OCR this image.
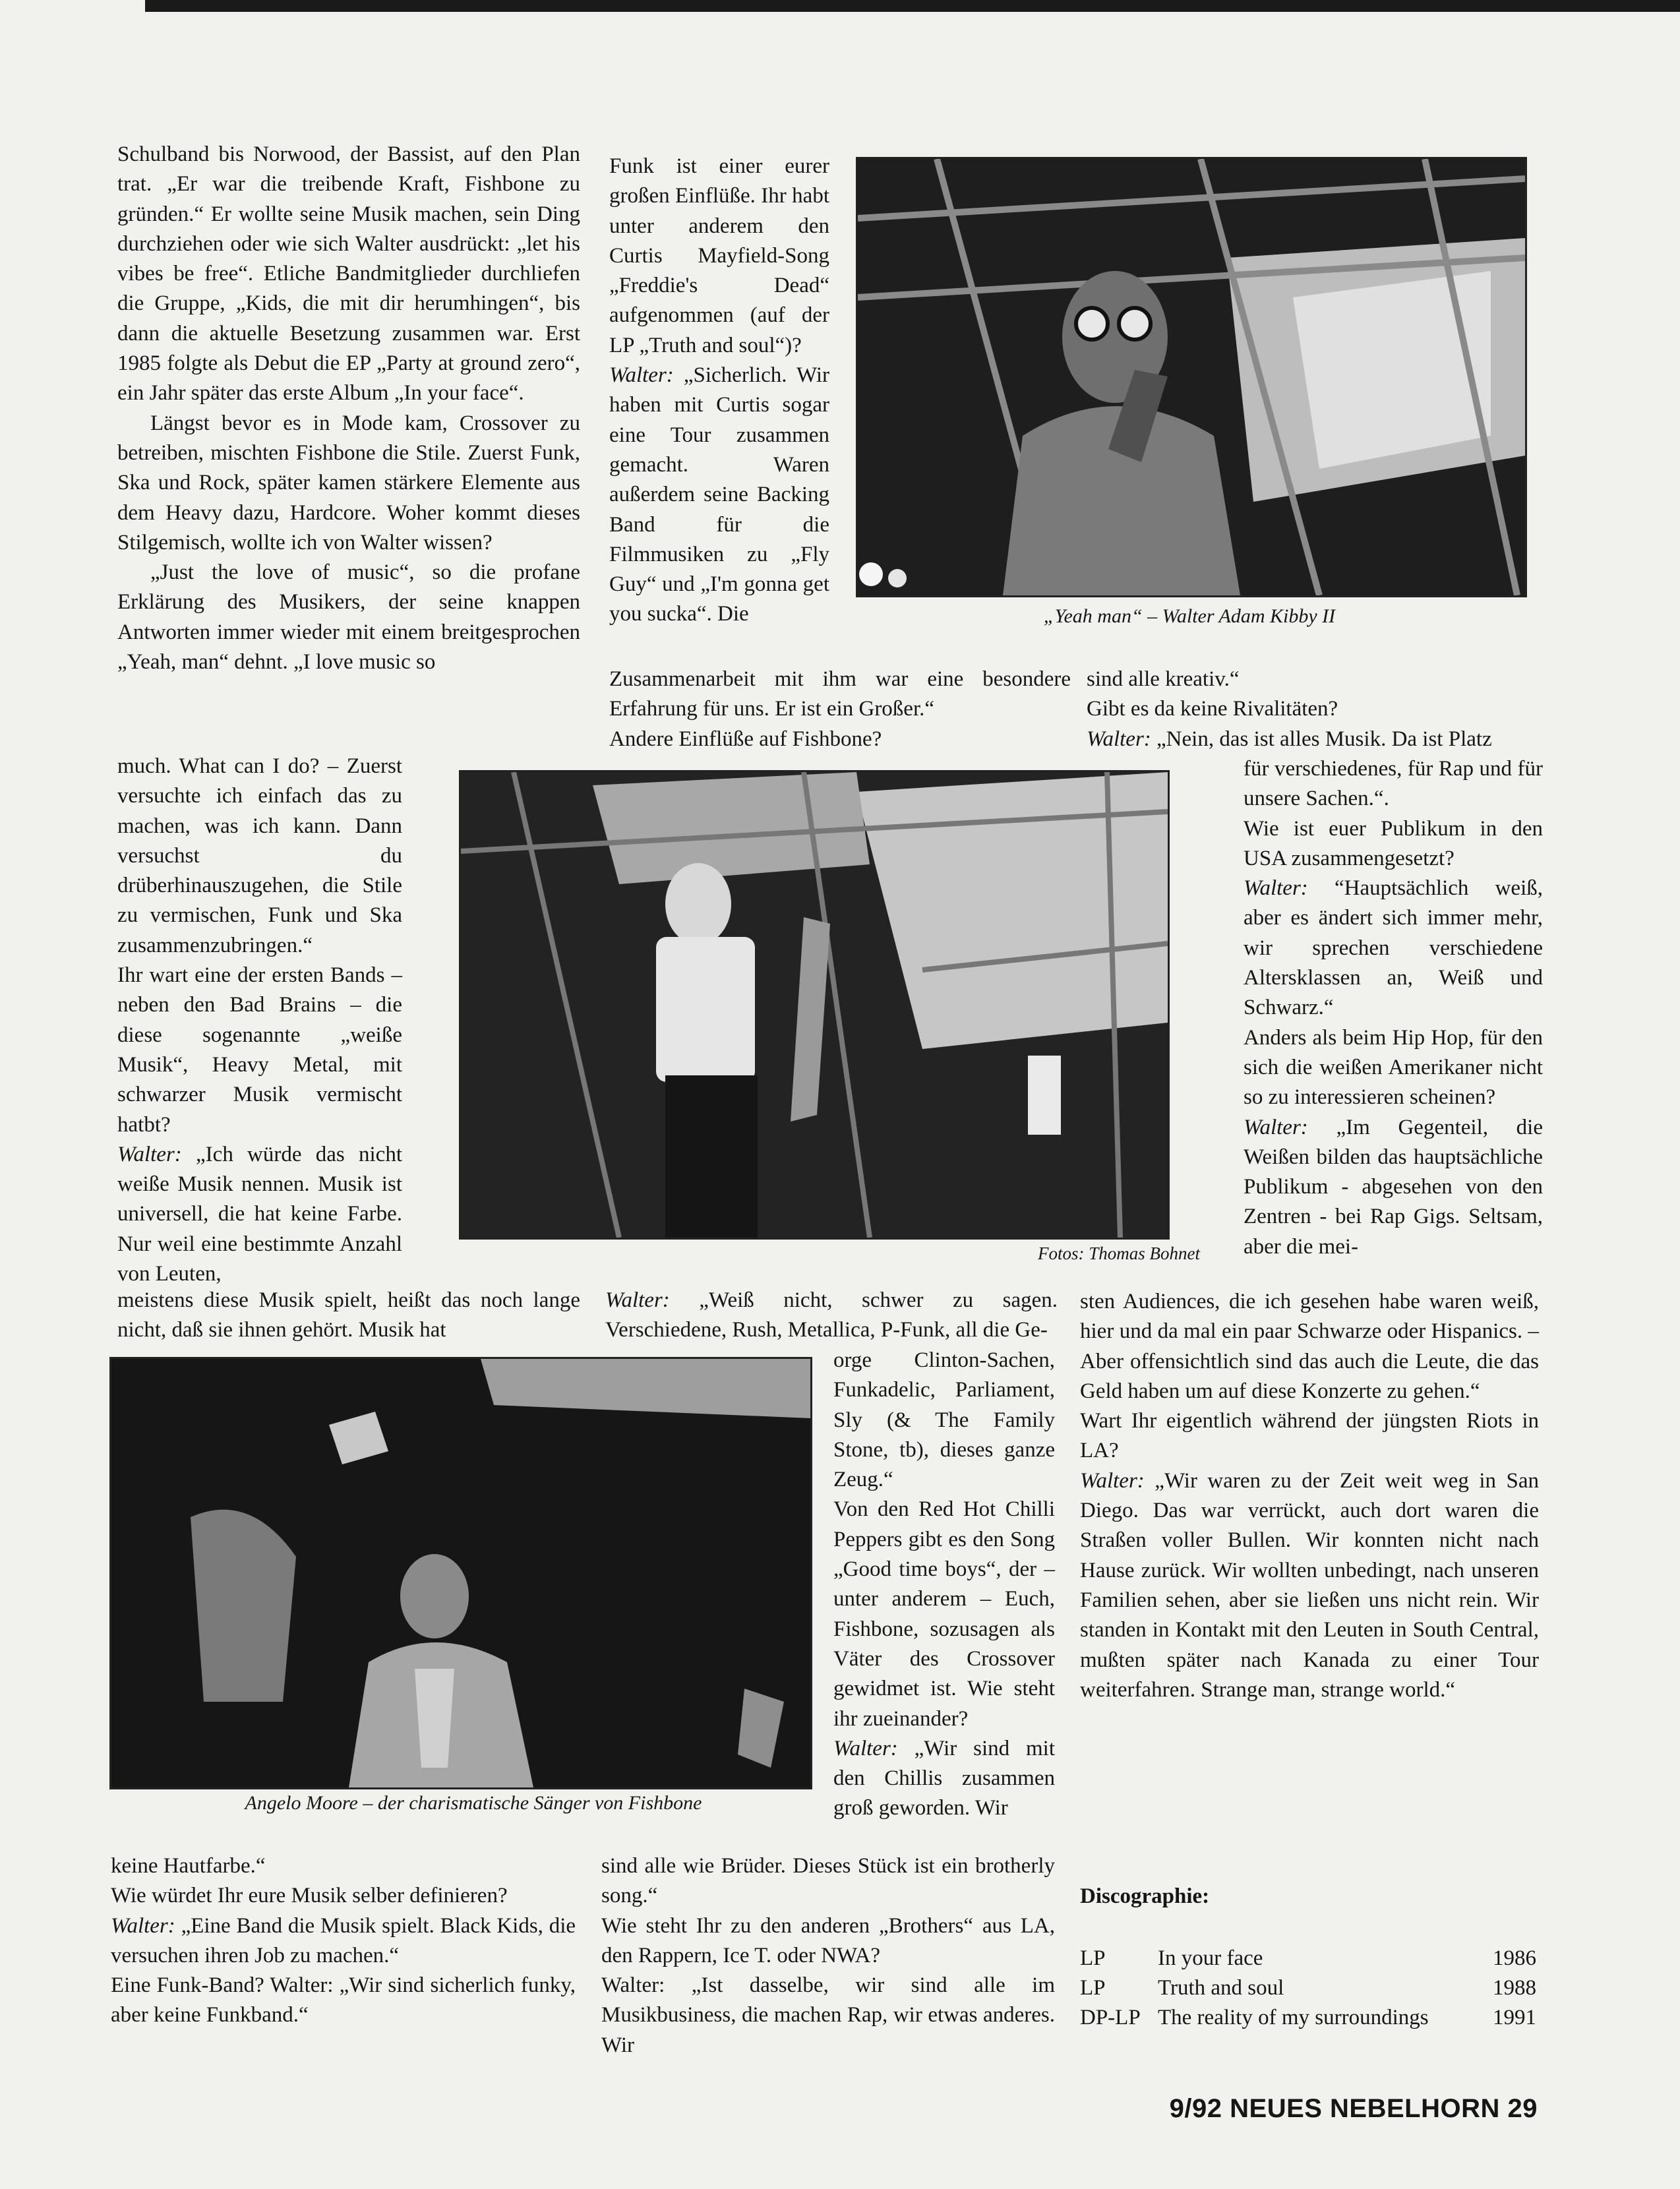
Schulband bis Norwood, der Bassist, auf den Plan trat. „Er war die treibende Kraft, Fishbone zu gründen.“ Er wollte seine Musik machen, sein Ding durchziehen oder wie sich Walter ausdrückt: „let his vibes be free“. Etliche Bandmitglieder durchliefen die Gruppe, „Kids, die mit dir herumhingen“, bis dann die aktuelle Besetzung zusammen war. Erst 1985 folgte als Debut die EP „Party at ground zero“, ein Jahr später das erste Album „In your face“.

Längst bevor es in Mode kam, Crossover zu betreiben, mischten Fishbone die Stile. Zuerst Funk, Ska und Rock, später kamen stärkere Elemente aus dem Heavy dazu, Hardcore. Woher kommt dieses Stilgemisch, wollte ich von Walter wissen?

„Just the love of music“, so die profane Erklärung des Musikers, der seine knappen Antworten immer wieder mit einem breitgesprochen „Yeah, man“ dehnt. „I love music so

much. What can I do? – Zuerst versuchte ich einfach das zu machen, was ich kann. Dann versuchst du drüberhinauszugehen, die Stile zu vermischen, Funk und Ska zusammenzubringen.“

Ihr wart eine der ersten Bands – neben den Bad Brains – die diese sogenannte „weiße Musik“, Heavy Metal, mit schwarzer Musik vermischt hatbt?

Walter: „Ich würde das nicht weiße Musik nennen. Musik ist universell, die hat keine Farbe. Nur weil eine bestimmte Anzahl von Leuten,

meistens diese Musik spielt, heißt das noch lange nicht, daß sie ihnen gehört. Musik hat

keine Hautfarbe.“

Wie würdet Ihr eure Musik selber definieren?

Walter: „Eine Band die Musik spielt. Black Kids, die versuchen ihren Job zu machen.“

Eine Funk-Band? Walter: „Wir sind sicherlich funky, aber keine Funkband.“

Funk ist einer eurer großen Einflüße. Ihr habt unter anderem den Curtis Mayfield-Song „Freddie's Dead“ aufgenommen (auf der LP „Truth and soul“)?

Walter: „Sicherlich. Wir haben mit Curtis sogar eine Tour zusammen gemacht. Waren außerdem seine Backing Band für die Filmmusiken zu „Fly Guy“ und „I'm gonna get you sucka“. Die

Zusammenarbeit mit ihm war eine besondere Erfahrung für uns. Er ist ein Großer.“

Andere Einflüße auf Fishbone?

Walter: „Weiß nicht, schwer zu sagen. Verschiedene, Rush, Metallica, P-Funk, all die Ge-

orge Clinton-Sachen, Funkadelic, Parliament, Sly (& The Family Stone, tb), dieses ganze Zeug.“

Von den Red Hot Chilli Peppers gibt es den Song „Good time boys“, der – unter anderem – Euch, Fishbone, sozusagen als Väter des Crossover gewidmet ist. Wie steht ihr zueinander?

Walter: „Wir sind mit den Chillis zusammen groß geworden. Wir

sind alle wie Brüder. Dieses Stück ist ein brotherly song.“

Wie steht Ihr zu den anderen „Brothers“ aus LA, den Rappern, Ice T. oder NWA?

Walter: „Ist dasselbe, wir sind alle im Musikbusiness, die machen Rap, wir etwas anderes. Wir

sind alle kreativ.“

Gibt es da keine Rivalitäten?

Walter: „Nein, das ist alles Musik. Da ist Platz

für verschiedenes, für Rap und für unsere Sachen.“.

Wie ist euer Publikum in den USA zusammengesetzt?

Walter: “Hauptsächlich weiß, aber es ändert sich immer mehr, wir sprechen verschiedene Altersklassen an, Weiß und Schwarz.“

Anders als beim Hip Hop, für den sich die weißen Amerikaner nicht so zu interessieren scheinen?

Walter: „Im Gegenteil, die Weißen bilden das hauptsächliche Publikum - abgesehen von den Zentren - bei Rap Gigs. Seltsam, aber die mei-

sten Audiences, die ich gesehen habe waren weiß, hier und da mal ein paar Schwarze oder Hispanics. – Aber offensichtlich sind das auch die Leute, die das Geld haben um auf diese Konzerte zu gehen.“

Wart Ihr eigentlich während der jüngsten Riots in LA?

Walter: „Wir waren zu der Zeit weit weg in San Diego. Das war verrückt, auch dort waren die Straßen voller Bullen. Wir konnten nicht nach Hause zurück. Wir wollten unbedingt, nach unseren Familien sehen, aber sie ließen uns nicht rein. Wir standen in Kontakt mit den Leuten in South Central, mußten später nach Kanada zu einer Tour weiterfahren. Strange man, strange world.“

„Yeah man“ – Walter Adam Kibby II

Fotos: Thomas Bohnet

Angelo Moore – der charismatische Sänger von Fishbone

Discographie:

LP	In your face	1986
LP	Truth and soul	1988
DP-LP The reality of my surroundings	1991
9/92 NEUES NEBELHORN 29
